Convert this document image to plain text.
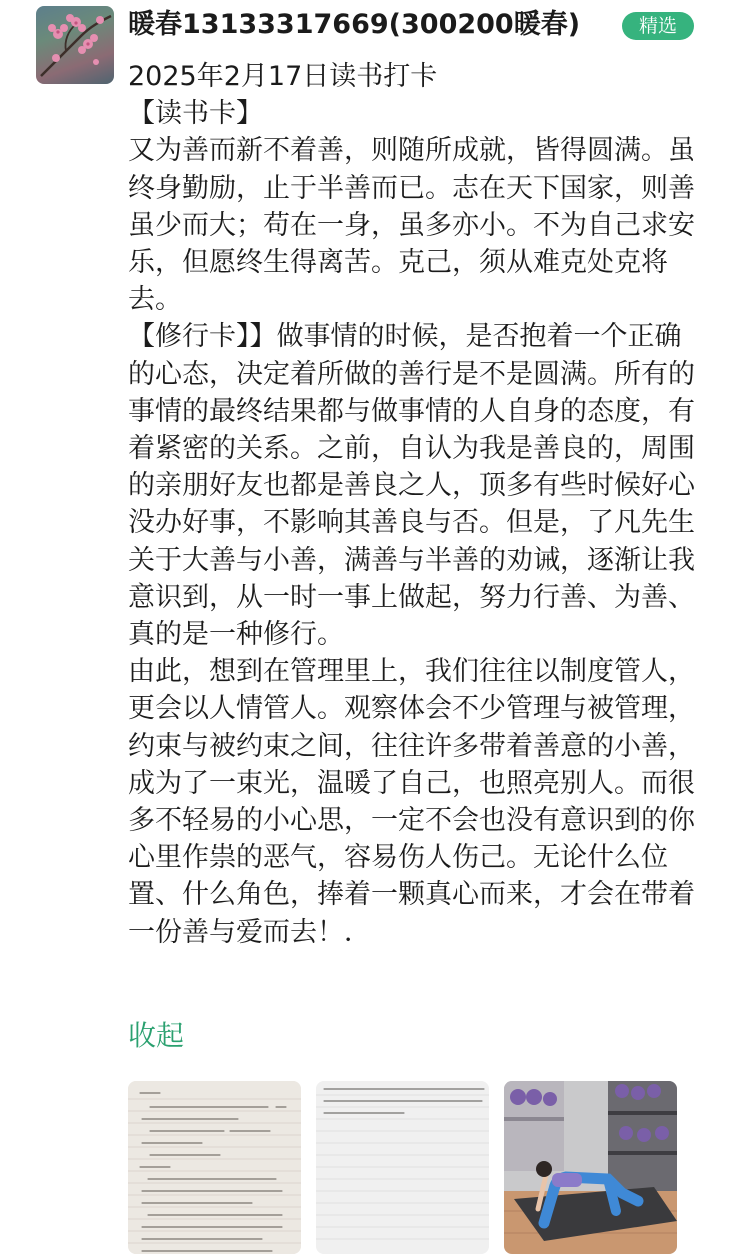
暖春13133317669(300200暖春)	精选

2025年2月17日读书打卡

【读书卡】

又为善而新不着善，则随所成就，皆得圆满。虽终身勤励，止于半善而已。志在天下国家，则善虽少而大；苟在一身，虽多亦小。不为自己求安乐，但愿终生得离苦。克己，须从难克处克将去。

【修行卡】】做事情的时候，是否抱着一个正确的心态，决定着所做的善行是不是圆满。所有的事情的最终结果都与做事情的人自身的态度，有着紧密的关系。之前，自认为我是善良的，周围的亲朋好友也都是善良之人，顶多有些时候好心没办好事，不影响其善良与否。但是，了凡先生关于大善与小善，满善与半善的劝诫，逐渐让我意识到，从一时一事上做起，努力行善、为善、真的是一种修行。

由此，想到在管理里上，我们往往以制度管人，更会以人情管人。观察体会不少管理与被管理，约束与被约束之间，往往许多带着善意的小善，成为了一束光，温暖了自己，也照亮别人。而很多不轻易的小心思，一定不会也没有意识到的你心里作祟的恶气，容易伤人伤己。无论什么位置、什么角色，捧着一颗真心而来，才会在带着一份善与爱而去！．

收起
